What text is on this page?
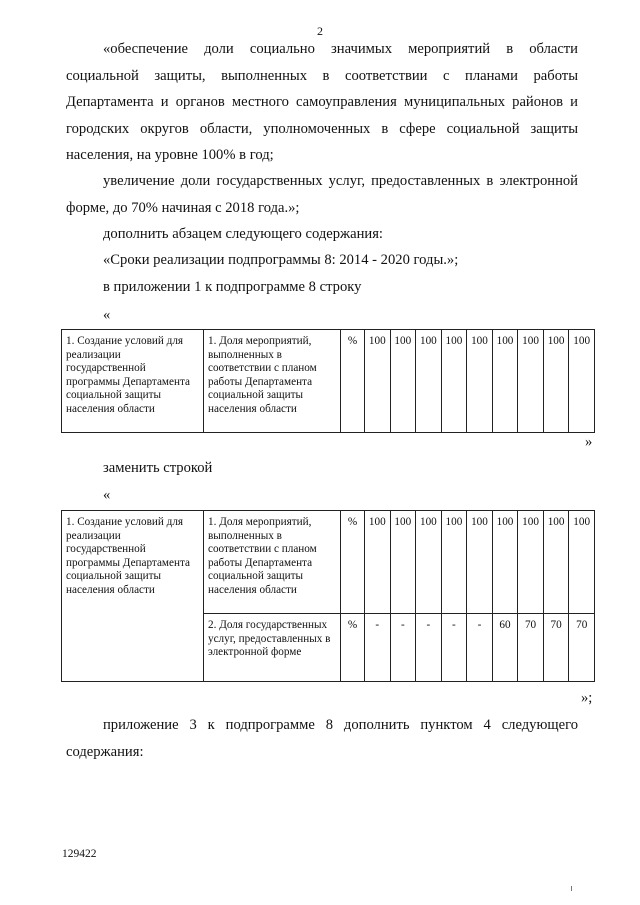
2

«обеспечение доли социально значимых мероприятий в области социальной защиты, выполненных в соответствии с планами работы Департамента и органов местного самоуправления муниципальных районов и городских округов области, уполномоченных в сфере социальной защиты населения, на уровне 100% в год;

увеличение доли государственных услуг, предоставленных в электронной форме, до 70% начиная с 2018 года.»;

дополнить абзацем следующего содержания:
«Сроки реализации подпрограммы 8: 2014 - 2020 годы.»;
в приложении 1 к подпрограмме 8 строку
«
1. Создание условий для реализации государственной программы Департамента социальной защиты населения области	1. Доля мероприятий, выполненных в соответствии с планом работы Департамента социальной защиты населения области	%	100	100	100	100	100	100	100	100	100
»
заменить строкой
«
1. Создание условий для реализации государственной программы Департамента социальной защиты населения области	1. Доля мероприятий, выполненных в соответствии с планом работы Департамента социальной защиты населения области	%	100	100	100	100	100	100	100	100	100
	2. Доля государственных услуг, предоставленных в электронной форме	%	-	-	-	-	-	60	70	70	70
»;

приложение 3 к подпрограмме 8 дополнить пунктом 4 следующего содержания:

129422
